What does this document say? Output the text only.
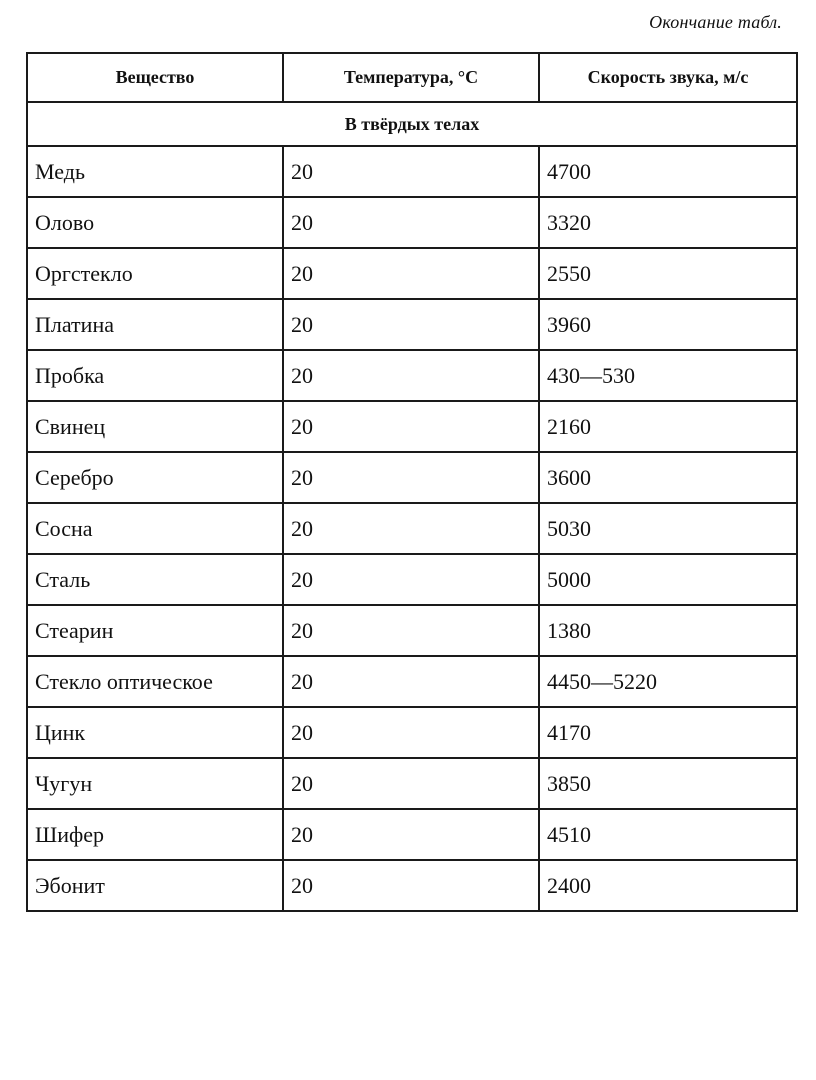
Окончание табл.
Вещество	Температура, °С	Скорость звука, м/с
В твёрдых телах		
Медь	20	4700
Олово	20	3320
Оргстекло	20	2550
Платина	20	3960
Пробка	20	430—530
Свинец	20	2160
Серебро	20	3600
Сосна	20	5030
Сталь	20	5000
Стеарин	20	1380
Стекло оптическое	20	4450—5220
Цинк	20	4170
Чугун	20	3850
Шифер	20	4510
Эбонит	20	2400
